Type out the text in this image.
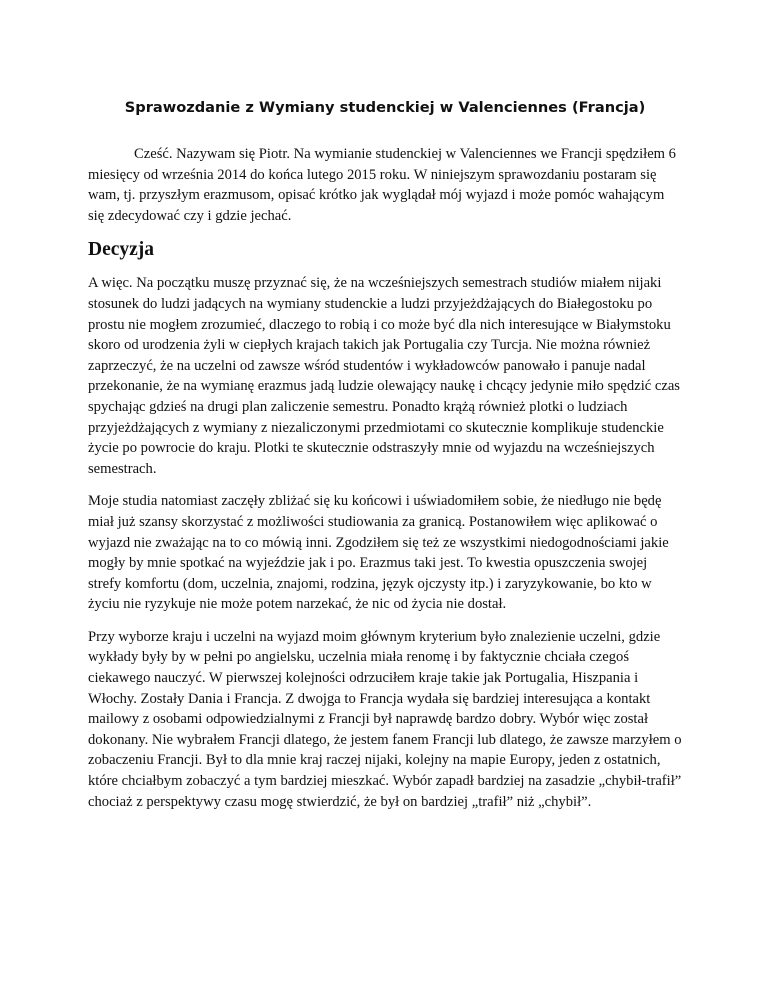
Sprawozdanie z Wymiany studenckiej w Valenciennes (Francja)

Cześć. Nazywam się Piotr. Na wymianie studenckiej w Valenciennes we Francji spędziłem 6 miesięcy od września 2014 do końca lutego 2015 roku. W niniejszym sprawozdaniu postaram się wam, tj. przyszłym erazmusom, opisać krótko jak wyglądał mój wyjazd i może pomóc wahającym się zdecydować czy i gdzie jechać.

Decyzja

A więc. Na początku muszę przyznać się, że na wcześniejszych semestrach studiów miałem nijaki stosunek do ludzi jadących na wymiany studenckie a ludzi przyjeżdżających do Białegostoku po prostu nie mogłem zrozumieć, dlaczego to robią i co może być dla nich interesujące w Białymstoku skoro od urodzenia żyli w ciepłych krajach takich jak Portugalia czy Turcja. Nie można również zaprzeczyć, że na uczelni od zawsze wśród studentów i wykładowców panowało i panuje nadal przekonanie, że na wymianę erazmus jadą ludzie olewający naukę i chcący jedynie miło spędzić czas spychając gdzieś na drugi plan zaliczenie semestru. Ponadto krążą również plotki o ludziach przyjeżdżających z wymiany z niezaliczonymi przedmiotami co skutecznie komplikuje studenckie życie po powrocie do kraju. Plotki te skutecznie odstraszyły mnie od wyjazdu na wcześniejszych semestrach.

Moje studia natomiast zaczęły zbliżać się ku końcowi i uświadomiłem sobie, że niedługo nie będę miał już szansy skorzystać z możliwości studiowania za granicą. Postanowiłem więc aplikować o wyjazd nie zważając na to co mówią inni. Zgodziłem się też ze wszystkimi niedogodnościami jakie mogły by mnie spotkać na wyjeździe jak i po. Erazmus taki jest. To kwestia opuszczenia swojej strefy komfortu (dom, uczelnia, znajomi, rodzina, język ojczysty itp.) i zaryzykowanie, bo kto w życiu nie ryzykuje nie może potem narzekać, że nic od życia nie dostał.

Przy wyborze kraju i uczelni na wyjazd moim głównym kryterium było znalezienie uczelni, gdzie wykłady były by w pełni po angielsku, uczelnia miała renomę i by faktycznie chciała czegoś ciekawego nauczyć. W pierwszej kolejności odrzuciłem kraje takie jak Portugalia, Hiszpania i Włochy. Zostały Dania i Francja. Z dwojga to Francja wydała się bardziej interesująca a kontakt mailowy z osobami odpowiedzialnymi z Francji był naprawdę bardzo dobry. Wybór więc został dokonany. Nie wybrałem Francji dlatego, że jestem fanem Francji lub dlatego, że zawsze marzyłem o zobaczeniu Francji. Był to dla mnie kraj raczej nijaki, kolejny na mapie Europy, jeden z ostatnich, które chciałbym zobaczyć a tym bardziej mieszkać. Wybór zapadł bardziej na zasadzie „chybił-trafił” chociaż z perspektywy czasu mogę stwierdzić, że był on bardziej „trafił” niż „chybił”.
